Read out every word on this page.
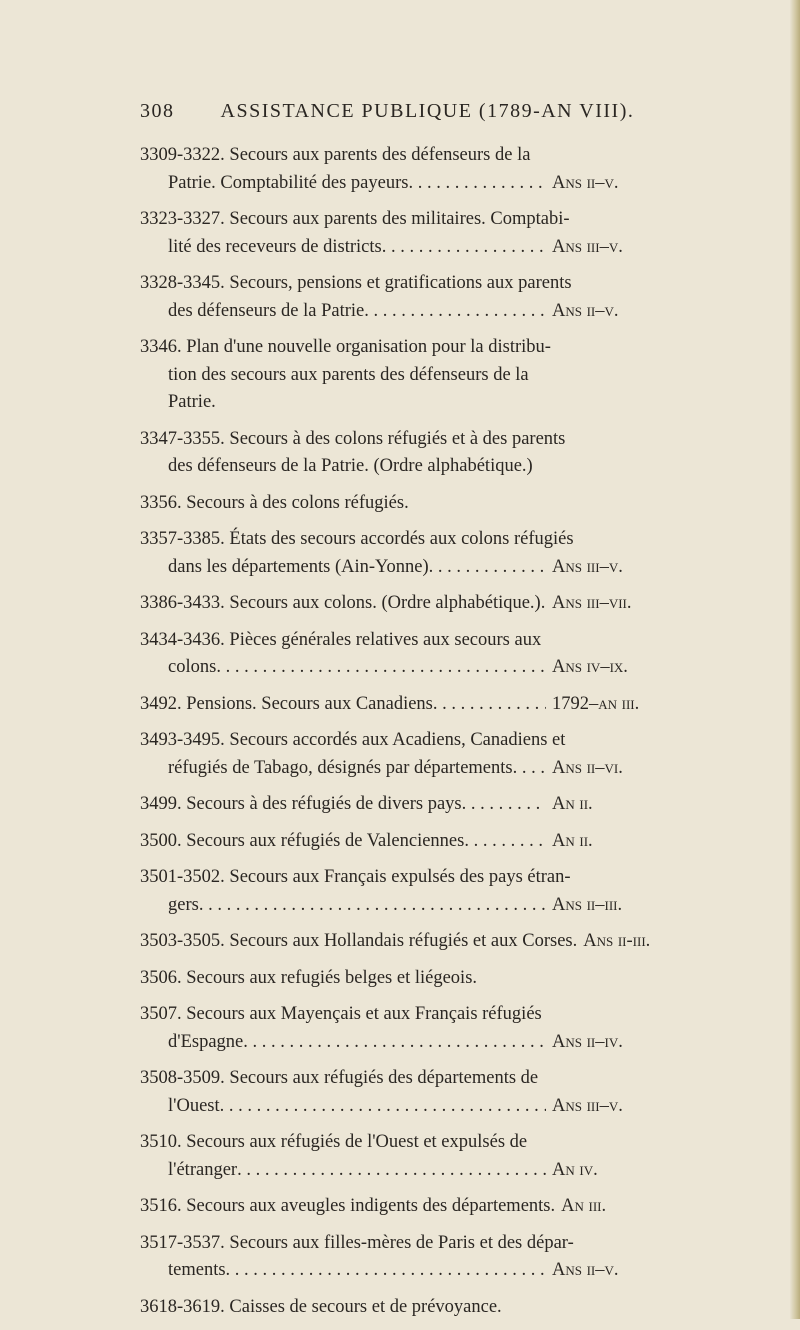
308 ASSISTANCE PUBLIQUE (1789-AN VIII).
3309-3322. Secours aux parents des défenseurs de la
Patrie. Comptabilité des payeurs . . .	Ans ii–v.
3323-3327. Secours aux parents des militaires. Comptabi-
lité des receveurs de districts . . .	Ans iii–v.
3328-3345. Secours, pensions et gratifications aux parents
des défenseurs de la Patrie . . .	Ans ii–v.
3346. Plan d'une nouvelle organisation pour la distribu-
tion des secours aux parents des défenseurs de la
Patrie.
3347-3355. Secours à des colons réfugiés et à des parents
des défenseurs de la Patrie. (Ordre alphabétique.)
3356. Secours à des colons réfugiés.
3357-3385. États des secours accordés aux colons réfugiés
dans les départements (Ain-Yonne) . . .	Ans iii–v.
3386-3433. Secours aux colons. (Ordre alphabétique.) . . . Ans iii–vii.
3434-3436. Pièces générales relatives aux secours aux
colons . . .	Ans iv–ix.
3492. Pensions. Secours aux Canadiens . . .	1792–an iii.
3493-3495. Secours accordés aux Acadiens, Canadiens et
réfugiés de Tabago, désignés par départements . . .	Ans ii–vi.
3499. Secours à des réfugiés de divers pays . . .	An ii.
3500. Secours aux réfugiés de Valenciennes . . .	An ii.
3501-3502. Secours aux Français expulsés des pays étran-
gers . . .	Ans ii–iii.
3503-3505. Secours aux Hollandais réfugiés et aux Corses. Ans ii-iii.
3506. Secours aux refugiés belges et liégeois.
3507. Secours aux Mayençais et aux Français réfugiés
d'Espagne . . .	Ans ii–iv.
3508-3509. Secours aux réfugiés des départements de
l'Ouest . . .	Ans iii–v.
3510. Secours aux réfugiés de l'Ouest et expulsés de
l'étranger . . .	An iv.
3516. Secours aux aveugles indigents des départements. An iii.
3517-3537. Secours aux filles-mères de Paris et des dépar-
tements . . .	Ans ii–v.
3618-3619. Caisses de secours et de prévoyance.
